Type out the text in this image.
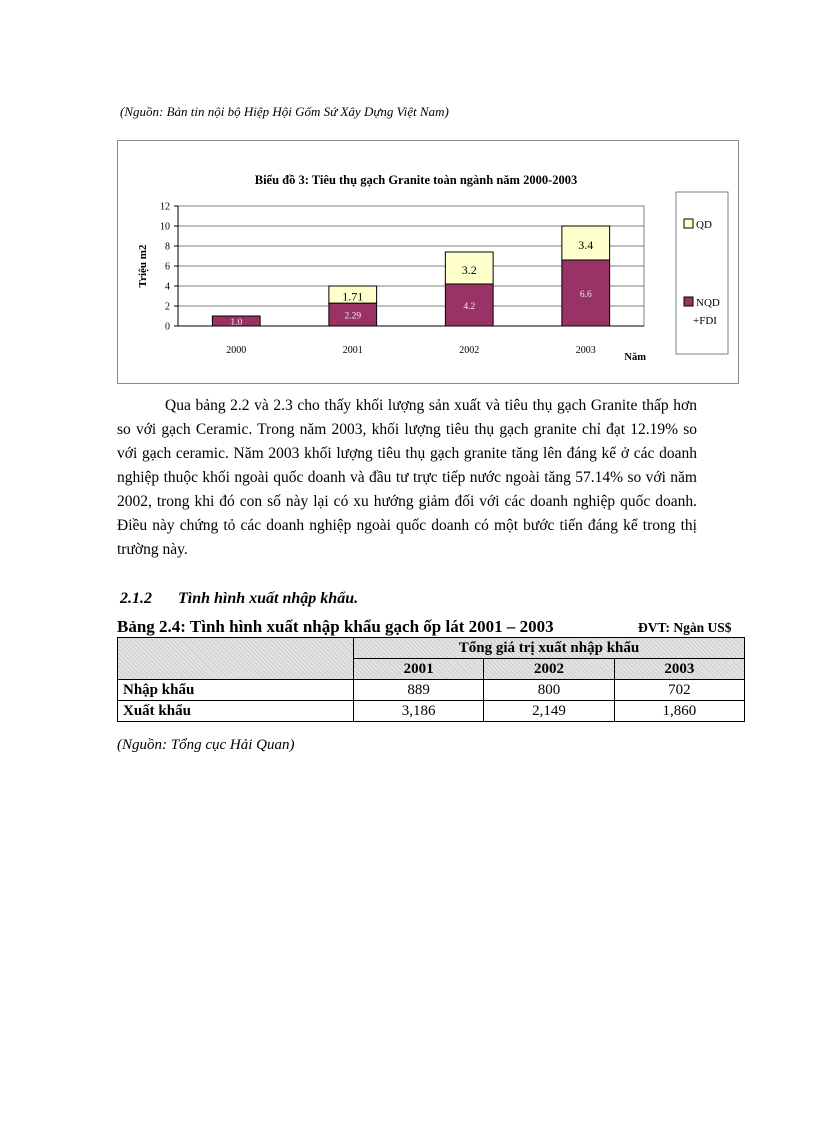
(Nguồn: Bản tin nội bộ Hiệp Hội Gốm Sứ Xây Dựng Việt Nam)
Biểu đồ 3: Tiêu thụ gạch Granite toàn ngành năm 2000-2003
Triệu m2
Năm
0
2
4
6
8
10
12
1.0
2000
2.29
1.71
2001
4.2
3.2
2002
6.6
3.4
2003
QD
NQD
+FDI

Qua bảng 2.2 và 2.3 cho thấy khối lượng sản xuất và tiêu thụ gạch Granite thấp hơn so với gạch Ceramic. Trong năm 2003, khối lượng tiêu thụ gạch granite chỉ đạt 12.19% so với gạch ceramic. Năm 2003 khối lượng tiêu thụ gạch granite tăng lên đáng kể ở các doanh nghiệp thuộc khối ngoài quốc doanh và đầu tư trực tiếp nước ngoài tăng 57.14% so với năm 2002, trong khi đó con số này lại có xu hướng giảm đối với các doanh nghiệp quốc doanh. Điều này chứng tỏ các doanh nghiệp ngoài quốc doanh có một bước tiến đáng kể trong thị trường này.

2.1.2 Tình hình xuất nhập khẩu.
Bảng 2.4: Tình hình xuất nhập khẩu gạch ốp lát 2001 – 2003	ĐVT: Ngàn US$
	Tổng giá trị xuất nhập khẩu		
	2001	2002	2003
Nhập khẩu	889	800	702
Xuất khẩu	3,186	2,149	1,860
(Nguồn: Tổng cục Hải Quan)
